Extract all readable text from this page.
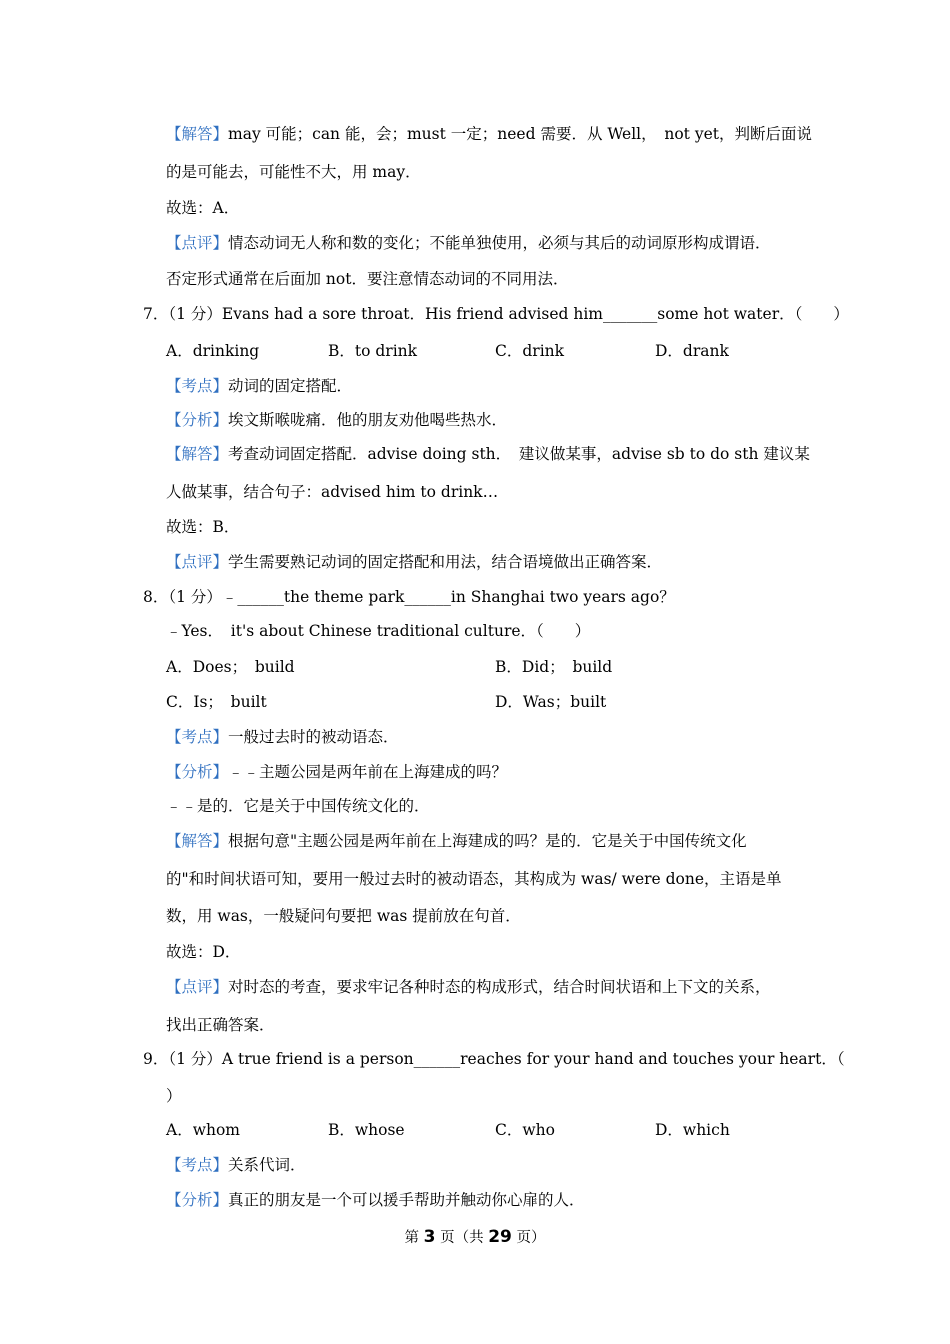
【解答】may 可能；can 能，会；must 一定；need 需要．从 Well，　not yet，判断后面说
的是可能去，可能性不大，用 may．
故选：A．
【点评】情态动词无人称和数的变化；不能单独使用，必须与其后的动词原形构成谓语．
否定形式通常在后面加 not．要注意情态动词的不同用法．
7．（1 分）Evans had a sore throat．His friend advised him_______some hot water．（　　）
A．drinking	B．to drink	C．drink	D．drank
【考点】动词的固定搭配．
【分析】埃文斯喉咙痛．他的朋友劝他喝些热水．
【解答】考查动词固定搭配．advise doing sth．　建议做某事，advise sb to do sth 建议某
人做某事，结合句子：advised him to drink…
故选：B．
【点评】学生需要熟记动词的固定搭配和用法，结合语境做出正确答案．
8．（1 分）﹣______the theme park______in Shanghai two years ago？
﹣Yes．　it's about Chinese traditional culture．（　　）
A．Does；　build	B．Did；　build
C．Is；　built	D．Was；built
【考点】一般过去时的被动语态．
【分析】﹣﹣主题公园是两年前在上海建成的吗？
﹣﹣是的．它是关于中国传统文化的．
【解答】根据句意"主题公园是两年前在上海建成的吗？是的．它是关于中国传统文化
的"和时间状语可知，要用一般过去时的被动语态，其构成为 was/ were done，主语是单
数，用 was，一般疑问句要把 was 提前放在句首．
故选：D．
【点评】对时态的考查，要求牢记各种时态的构成形式，结合时间状语和上下文的关系，
找出正确答案．
9．（1 分）A true friend is a person______reaches for your hand and touches your heart．（
）
A．whom	B．whose	C．who	D．which
【考点】关系代词．
【分析】真正的朋友是一个可以援手帮助并触动你心扉的人．
第 3 页（共 29 页）
